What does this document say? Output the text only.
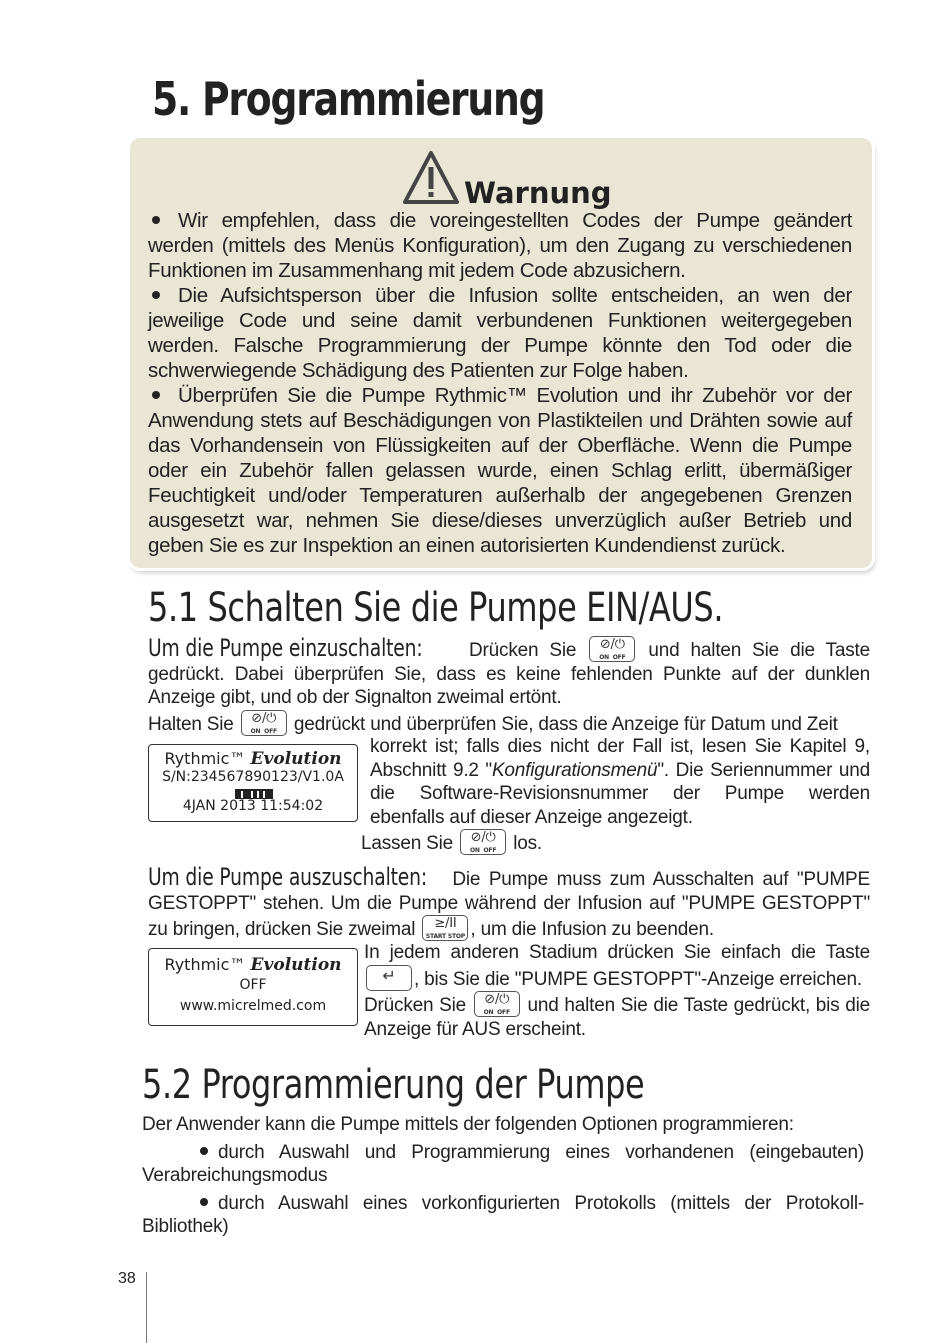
5. Programmierung
Warnung

Wir empfehlen, dass die voreingestellten Codes der Pumpe geändert werden (mittels des Menüs Konfiguration), um den Zugang zu verschiedenen Funktionen im Zusammenhang mit jedem Code abzusichern.

Die Aufsichtsperson über die Infusion sollte entscheiden, an wen der jeweilige Code und seine damit verbundenen Funktionen weitergegeben werden. Falsche Programmierung der Pumpe könnte den Tod oder die schwerwiegende Schädigung des Patienten zur Folge haben.

Überprüfen Sie die Pumpe Rythmic™ Evolution und ihr Zubehör vor der Anwendung stets auf Beschädigungen von Plastikteilen und Drähten sowie auf das Vorhandensein von Flüssigkeiten auf der Oberfläche. Wenn die Pumpe oder ein Zubehör fallen gelassen wurde, einen Schlag erlitt, übermäßiger Feuchtigkeit und/oder Temperaturen außerhalb der angegebenen Grenzen ausgesetzt war, nehmen Sie diese/dieses unverzüglich außer Betrieb und geben Sie es zur Inspektion an einen autorisierten Kundendienst zurück.

5.1 Schalten Sie die Pumpe EIN/AUS.

Um die Pumpe einzuschalten: Drücken Sie	⊘/⏻
ON OFF	und halten Sie die Taste gedrückt. Dabei überprüfen Sie, dass es keine fehlenden Punkte auf der dunklen Anzeige gibt, und ob der Signalton zweimal ertönt.

Halten Sie	⊘/⏻
ON OFF gedrückt und überprüfen Sie, dass die Anzeige für Datum und Zeit

Rythmic™ Evolution
S/N:234567890123/V1.0A
4JAN 2013 11:54:02

korrekt ist; falls dies nicht der Fall ist, lesen Sie Kapitel 9, Abschnitt 9.2 "Konfigurationsmenü". Die Seriennummer und die Software-Revisionsnummer der Pumpe werden ebenfalls auf dieser Anzeige angezeigt.

Lassen Sie	⊘/⏻
ON OFF los.

Um die Pumpe auszuschalten: Die Pumpe muss zum Ausschalten auf "PUMPE GESTOPPT" stehen. Um die Pumpe während der Infusion auf "PUMPE GESTOPPT" zu bringen, drücken Sie zweimal	≥/II
START STOP , um die Infusion zu beenden.

Rythmic™ Evolution
OFF
www.micrelmed.com

In jedem anderen Stadium drücken Sie einfach die Taste
↵ , bis Sie die "PUMPE GESTOPPT"-Anzeige erreichen.

Drücken Sie	⊘/⏻
ON OFF und halten Sie die Taste gedrückt, bis die Anzeige für AUS erscheint.

5.2 Programmierung der Pumpe

Der Anwender kann die Pumpe mittels der folgenden Optionen programmieren:

durch Auswahl und Programmierung eines vorhandenen (eingebauten) Verabreichungsmodus

durch Auswahl eines vorkonfigurierten Protokolls (mittels der Protokoll-Bibliothek)

38
